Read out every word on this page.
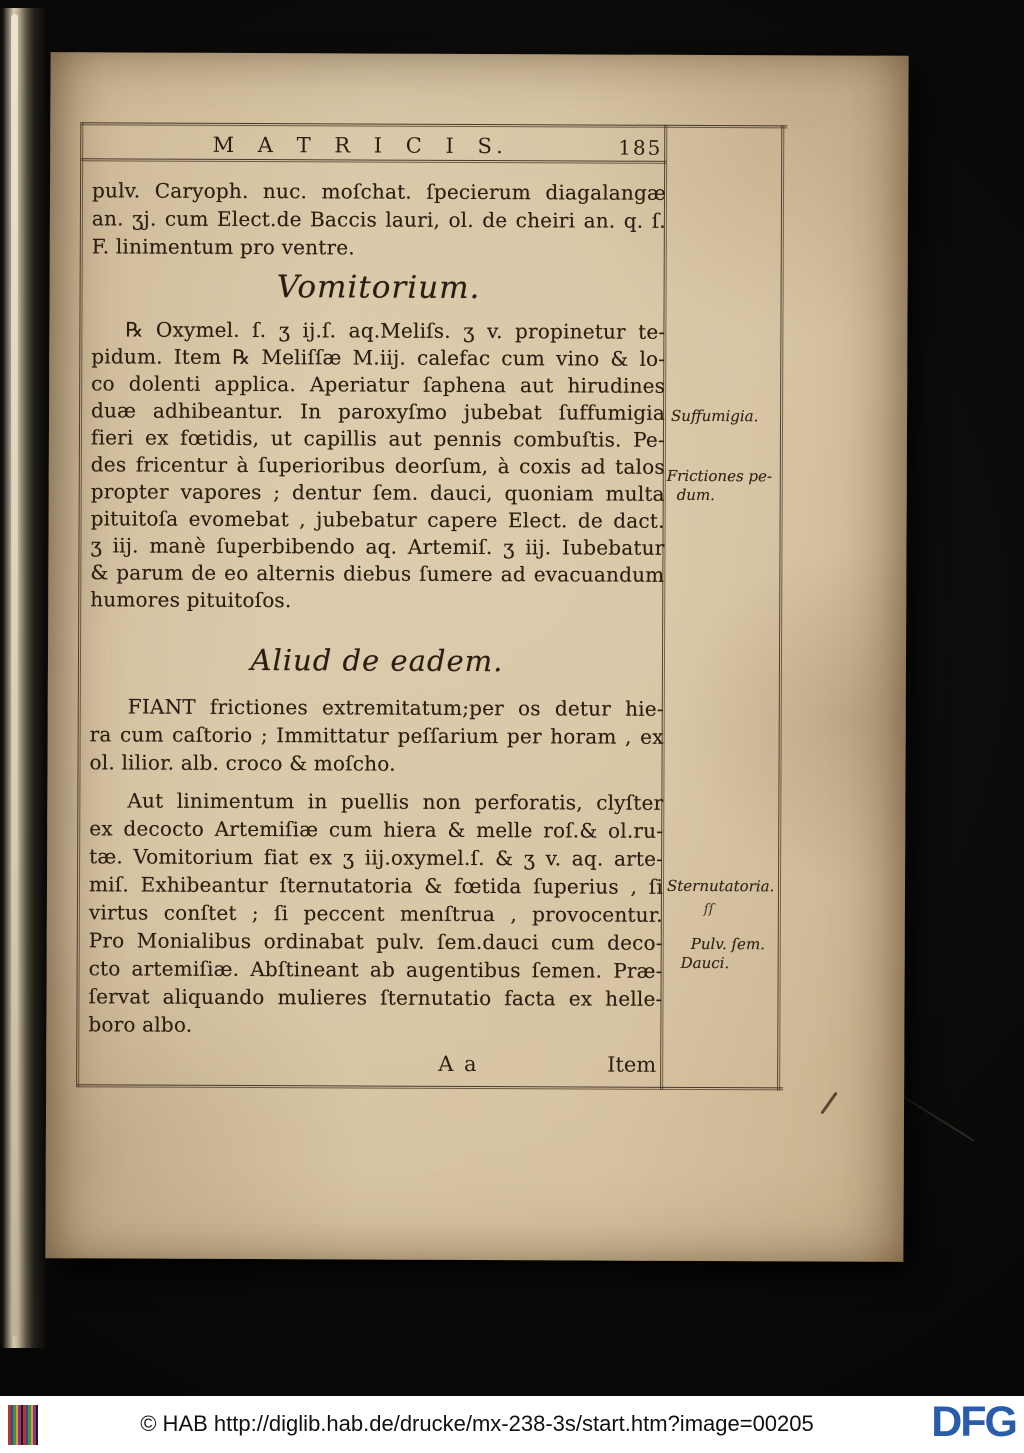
M A T R I C I S.	185
pulv. Caryoph. nuc. moſchat. ſpecierum diagalangæ
an. ʒj. cum Elect.de Baccis lauri, ol. de cheiri an. q. ſ.
F. linimentum pro ventre.
Vomitorium.
℞ Oxymel. ſ. ʒ ij.ſ. aq.Meliſs. ʒ v. propinetur te-
pidum. Item ℞ Meliſſæ M.iij. calefac cum vino & lo-
co dolenti applica. Aperiatur ſaphena aut hirudines
duæ adhibeantur. In paroxyſmo jubebat ſuffumigia
fieri ex fœtidis, ut capillis aut pennis combuſtis. Pe-
des fricentur à ſuperioribus deorſum, à coxis ad talos
propter vapores ; dentur ſem. dauci, quoniam multa
pituitoſa evomebat , jubebatur capere Elect. de dact.
ʒ iij. manè ſuperbibendo aq. Artemiſ. ʒ iij. Iubebatur
& parum de eo alternis diebus ſumere ad evacuandum
humores pituitoſos.
Aliud de eadem.
FIANT frictiones extremitatum;per os detur hie-
ra cum caſtorio ; Immittatur peſſarium per horam , ex
ol. lilior. alb. croco & moſcho.
Aut linimentum in puellis non perforatis, clyſter
ex decocto Artemiſiæ cum hiera & melle roſ.& ol.ru-
tæ. Vomitorium fiat ex ʒ iij.oxymel.ſ. & ʒ v. aq. arte-
miſ. Exhibeantur ſternutatoria & fœtida ſuperius , ſi
virtus conſtet ; ſi peccent menſtrua , provocentur.
Pro Monialibus ordinabat pulv. ſem.dauci cum deco-
cto artemiſiæ. Abſtineant ab augentibus ſemen. Præ-
ſervat aliquando mulieres ſternutatio facta ex helle-
boro albo.
A a	Item
Suffumigia.
Frictiones pe-
dum.
Sternutatoria.
ſſ
Pulv. ſem.
Dauci.
© HAB http://diglib.hab.de/drucke/mx-238-3s/start.htm?image=00205	DFG
